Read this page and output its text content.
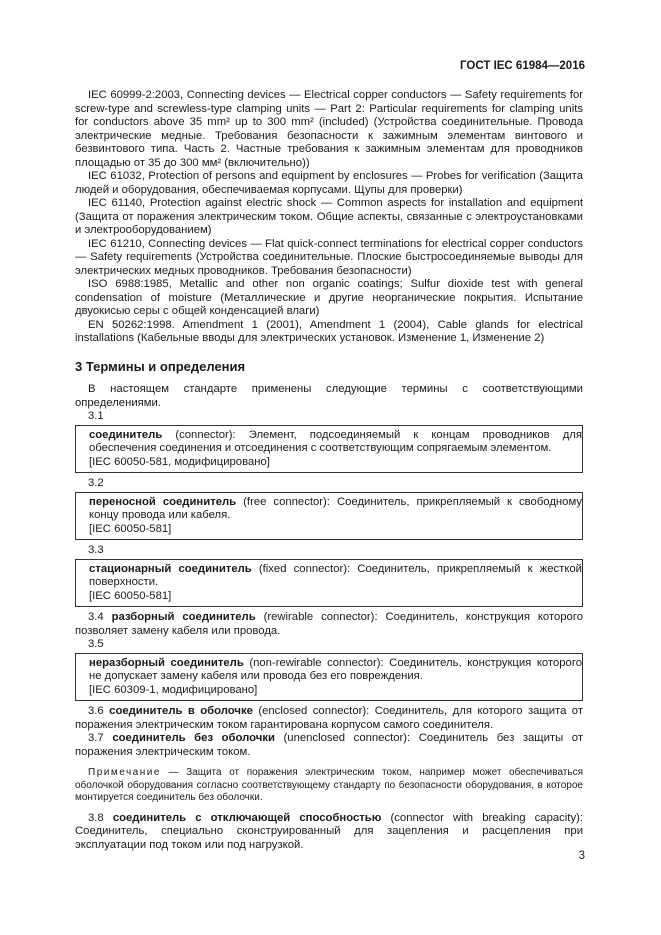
ГОСТ IEC 61984—2016

IEC 60999-2:2003, Connecting devices — Electrical copper conductors — Safety requirements for screw-type and screwless-type clamping units — Part 2: Particular requirements for clamping units for conductors above 35 mm² up to 300 mm² (included) (Устройства соединительные. Провода электрические медные. Требования безопасности к зажимным элементам винтового и безвинтового типа. Часть 2. Частные требования к зажимным элементам для проводников площадью от 35 до 300 мм² (включительно))

IEC 61032, Protection of persons and equipment by enclosures — Probes for verification (Защита людей и оборудования, обеспечиваемая корпусами. Щупы для проверки)

IEC 61140, Protection against electric shock — Common aspects for installation and equipment (Защита от поражения электрическим током. Общие аспекты, связанные с электроустановками и электрооборудованием)

IEC 61210, Connecting devices — Flat quick-connect terminations for electrical copper conductors — Safety requirements (Устройства соединительные. Плоские быстросоединяемые выводы для электрических медных проводников. Требования безопасности)

ISO 6988:1985, Metallic and other non organic coatings; Sulfur dioxide test with general condensation of moisture (Металлические и другие неорганические покрытия. Испытание двуокисью серы с общей конденсацией влаги)

EN 50262:1998. Amendment 1 (2001), Amendment 1 (2004), Cable glands for electrical installations (Кабельные вводы для электрических установок. Изменение 1, Изменение 2)

3 Термины и определения

В настоящем стандарте применены следующие термины с соответствующими определениями.

3.1

соединитель (connector): Элемент, подсоединяемый к концам проводников для обеспечения соединения и отсоединения с соответствующим сопрягаемым элементом.

[IEC 60050-581, модифицировано]

3.2

переносной соединитель (free connector): Соединитель, прикрепляемый к свободному концу провода или кабеля.

[IEC 60050-581]

3.3

стационарный соединитель (fixed connector): Соединитель, прикрепляемый к жесткой поверхности.

[IEC 60050-581]

3.4 разборный соединитель (rewirable connector): Соединитель, конструкция которого позволяет замену кабеля или провода.

3.5

неразборный соединитель (non-rewirable connector): Соединитель, конструкция которого не допускает замену кабеля или провода без его повреждения.

[IEC 60309-1, модифицировано]

3.6 соединитель в оболочке (enclosed connector): Соединитель, для которого защита от поражения электрическим током гарантирована корпусом самого соединителя.

3.7 соединитель без оболочки (unenclosed connector): Соединитель без защиты от поражения электрическим током.

Примечание — Защита от поражения электрическим током, например может обеспечиваться оболочкой оборудования согласно соответствующему стандарту по безопасности оборудования, в которое монтируется соединитель без оболочки.

3.8 соединитель с отключающей способностью (connector with breaking capacity): Соединитель, специально сконструированный для зацепления и расцепления при эксплуатации под током или под нагрузкой.

3
